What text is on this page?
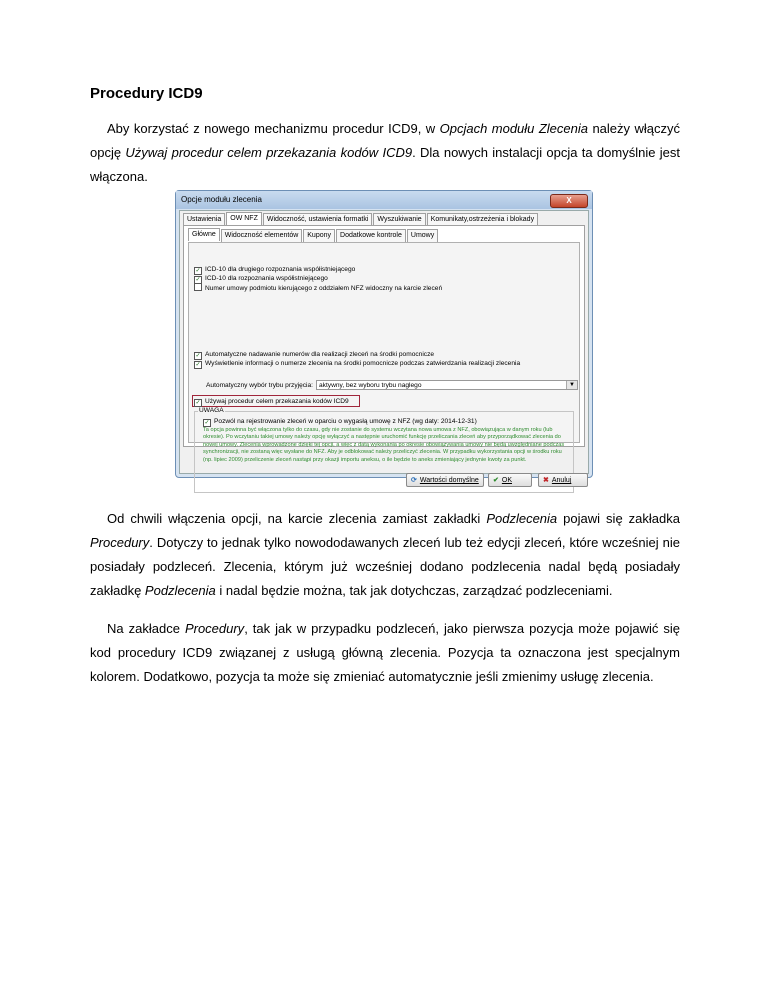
Procedury ICD9

Aby korzystać z nowego mechanizmu procedur ICD9, w Opcjach modułu Zlecenia należy włączyć opcję Używaj procedur celem przekazania kodów ICD9. Dla nowych instalacji opcja ta domyślnie jest włączona.

Opcje modułu zlecenia	X
Ustawienia	OW NFZ	Widoczność, ustawienia formatki	Wyszukiwanie	Komunikaty,ostrzeżenia i blokady
Główne	Widoczność elementów	Kupony	Dodatkowe kontrole	Umowy
✓ ICD-10 dla drugiego rozpoznania współistniejącego
✓ ICD-10 dla rozpoznania współistniejącego
Numer umowy podmiotu kierującego z oddziałem NFZ widoczny na karcie zleceń
✓ Automatyczne nadawanie numerów dla realizacji zleceń na środki pomocnicze
✓ Wyświetlenie informacji o numerze zlecenia na środki pomocnicze podczas zatwierdzania realizacji zlecenia
Automatyczny wybór trybu przyjęcia: aktywny, bez wyboru trybu naglego	▼
✓ Używaj procedur celem przekazania kodów ICD9
UWAGA
✓ Pozwól na rejestrowanie zleceń w oparciu o wygasłą umowę z NFZ (wg daty: 2014-12-31)
Ta opcja powinna być włączona tylko do czasu, gdy nie zostanie do systemu wczytana nowa umowa z NFZ, obowiązująca w danym roku (lub okresie). Po wczytaniu takiej umowy należy opcję wyłączyć a następnie uruchomić funkcję przeliczania zleceń aby przyporządkować zlecenia do nowej umowy. Zlecenia wprowadzone dzięki tej opcji, a więc z datą wykonania po okresie obowiązywania umowy nie będą uwzględniane podczas synchronizacji, nie zostaną więc wysłane do NFZ. Aby je odblokować należy przeliczyć zlecenia. W przypadku wykorzystania opcji w środku roku (np. lipiec 2009) przeliczenie zleceń nastąpi przy okazji importu aneksu, o ile będzie to aneks zmieniający jednynie kwoty za punkt.
⟳ Wartości domyślne	✔ OK	✖ Anuluj

Od chwili włączenia opcji, na karcie zlecenia zamiast zakładki Podzlecenia pojawi się zakładka Procedury. Dotyczy to jednak tylko nowododawanych zleceń lub też edycji zleceń, które wcześniej nie posiadały podzleceń. Zlecenia, którym już wcześniej dodano podzlecenia nadal będą posiadały zakładkę Podzlecenia i nadal będzie można, tak jak dotychczas, zarządzać podzleceniami.

Na zakładce Procedury, tak jak w przypadku podzleceń, jako pierwsza pozycja może pojawić się kod procedury ICD9 związanej z usługą główną zlecenia. Pozycja ta oznaczona jest specjalnym kolorem. Dodatkowo, pozycja ta może się zmieniać automatycznie jeśli zmienimy usługę zlecenia.
